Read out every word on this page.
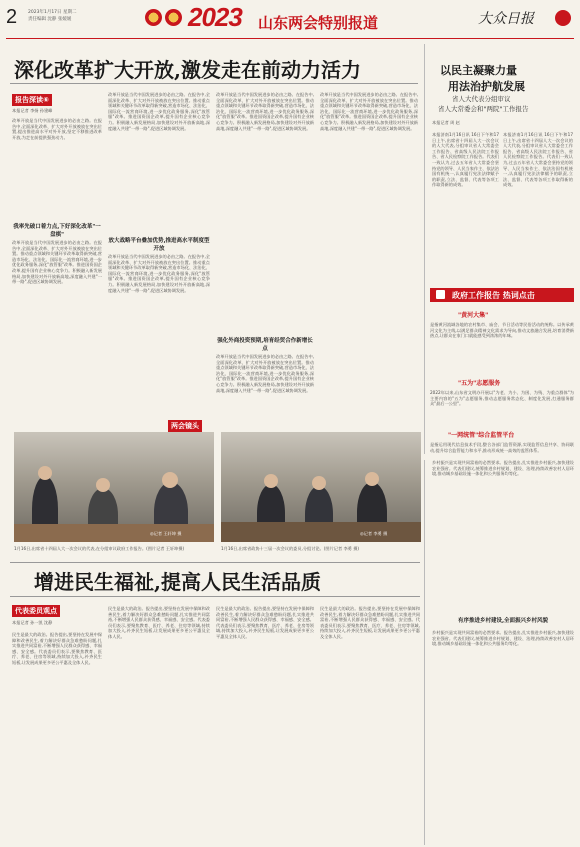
2 2023年1月17日 星期二
责任编辑 沈静 张媛媛	2023 山东两会特别报道	大众日报
深化改革扩大开放,激发走在前动力活力
报告深读⑥
本报记者 李扬 孙建峰
改革开放是当代中国发展进步的必由之路。在报告中,全面深化改革、扩大对外开放被放在突出位置,提出推进高水平对外开放,坚定不移推进改革开放,为走在前提供强劲动力。
我率先破口着力点,下好深化改革"一盘棋"
改革开放是当代中国发展进步的必由之路。在报告中,全面深化改革、扩大对外开放被放在突出位置。推动重点领域和关键环节改革取得新突破,营造市场化、法治化、国际化一流营商环境,进一步优化政务服务,深化"放管服"改革。推进国资国企改革,提升国有企业核心竞争力。积极融入新发展格局,加快建设对外开放新高地,深度融入共建"一带一路",促进区域协调发展。
改革开放是当代中国发展进步的必由之路。在报告中,全面深化改革、扩大对外开放被放在突出位置。推动重点领域和关键环节改革取得新突破,营造市场化、法治化、国际化一流营商环境,进一步优化政务服务,深化"放管服"改革。推进国资国企改革,提升国有企业核心竞争力。积极融入新发展格局,加快建设对外开放新高地,深度融入共建"一带一路",促进区域协调发展。
放大战略平台叠加优势,推进高水平制度型开放
改革开放是当代中国发展进步的必由之路。在报告中,全面深化改革、扩大对外开放被放在突出位置。推动重点领域和关键环节改革取得新突破,营造市场化、法治化、国际化一流营商环境,进一步优化政务服务,深化"放管服"改革。推进国资国企改革,提升国有企业核心竞争力。积极融入新发展格局,加快建设对外开放新高地,深度融入共建"一带一路",促进区域协调发展。
改革开放是当代中国发展进步的必由之路。在报告中,全面深化改革、扩大对外开放被放在突出位置。推动重点领域和关键环节改革取得新突破,营造市场化、法治化、国际化一流营商环境,进一步优化政务服务,深化"放管服"改革。推进国资国企改革,提升国有企业核心竞争力。积极融入新发展格局,加快建设对外开放新高地,深度融入共建"一带一路",促进区域协调发展。
强化外商投资预期,培育经贸合作新增长点
改革开放是当代中国发展进步的必由之路。在报告中,全面深化改革、扩大对外开放被放在突出位置。推动重点领域和关键环节改革取得新突破,营造市场化、法治化、国际化一流营商环境,进一步优化政务服务,深化"放管服"改革。推进国资国企改革,提升国有企业核心竞争力。积极融入新发展格局,加快建设对外开放新高地,深度融入共建"一带一路",促进区域协调发展。
改革开放是当代中国发展进步的必由之路。在报告中,全面深化改革、扩大对外开放被放在突出位置。推动重点领域和关键环节改革取得新突破,营造市场化、法治化、国际化一流营商环境,进一步优化政务服务,深化"放管服"改革。推进国资国企改革,提升国有企业核心竞争力。积极融入新发展格局,加快建设对外开放新高地,深度融入共建"一带一路",促进区域协调发展。
以民主凝聚力量
用法治护航发展
省人大代表分组审议
省人大常委会和"两院"工作报告
本报记者 周 赵
本报济南1月16日讯 16日下午和17日上午,出席省十四届人大一次会议的人大代表,分组审议省人大常委会工作报告、省高级人民法院工作报告、省人民检察院工作报告。代表们一致认为,过去五年省人大常委会坚持党的领导、人民当家作主、依法治国有机统一,认真履行宪法法律赋予的职责,立法、监督、代表等各项工作取得新的成效。
本报济南1月16日讯 16日下午和17日上午,出席省十四届人大一次会议的人大代表,分组审议省人大常委会工作报告、省高级人民法院工作报告、省人民检察院工作报告。代表们一致认为,过去五年省人大常委会坚持党的领导、人民当家作主、依法治国有机统一,认真履行宪法法律赋予的职责,立法、监督、代表等各项工作取得新的成效。
政府工作报告 热词点击
"黄河大集"
是指黄河流域各地的农村集市、庙会、节日活动等民俗活动的统称。以传承黄河文化为主线,以满足群众精神文化需求为导向,推动文旅融合发展,培育消费新热点,让群众在家门口就能感受到浓浓的年味。
"五为"志愿服务
2022年以来,山东省文明办开展以"为老、为小、为困、为残、为重点群体"为主要内容的"五为"志愿服务,推动志愿服务常态化、制度化发展,打通服务群众"最后一公里"。
"一网统管"综合监管平台
是指运用现代信息技术手段,整合各部门监管资源,实现监管信息共享、协同联动,提升综合监管能力和水平,推动形成统一高效的监管体系。
两会镜头
1月16日,出席省十四届人大一次会议的代表,在分组审议政府工作报告。(图片记者 王轩坤摄)
◎记者 王轩坤 摄
1月16日,出席省政协十三届一次会议的委员,分组讨论。(图片记者 李勇 摄)
◎记者 李勇 摄
增进民生福祉,提高人民生活品质
代表委员观点
本报记者 孙一凯 沈静
民生是最大的政治。报告提出,要坚持在发展中保障和改善民生,着力解决好群众急难愁盼问题,扎实推进共同富裕,不断增强人民群众获得感、幸福感、安全感。代表委员们表示,要聚焦教育、医疗、养老、住房等领域,持续加大投入,补齐民生短板,让发展成果更多更公平惠及全体人民。
民生是最大的政治。报告提出,要坚持在发展中保障和改善民生,着力解决好群众急难愁盼问题,扎实推进共同富裕,不断增强人民群众获得感、幸福感、安全感。代表委员们表示,要聚焦教育、医疗、养老、住房等领域,持续加大投入,补齐民生短板,让发展成果更多更公平惠及全体人民。
民生是最大的政治。报告提出,要坚持在发展中保障和改善民生,着力解决好群众急难愁盼问题,扎实推进共同富裕,不断增强人民群众获得感、幸福感、安全感。代表委员们表示,要聚焦教育、医疗、养老、住房等领域,持续加大投入,补齐民生短板,让发展成果更多更公平惠及全体人民。
民生是最大的政治。报告提出,要坚持在发展中保障和改善民生,着力解决好群众急难愁盼问题,扎实推进共同富裕,不断增强人民群众获得感、幸福感、安全感。代表委员们表示,要聚焦教育、医疗、养老、住房等领域,持续加大投入,补齐民生短板,让发展成果更多更公平惠及全体人民。
乡村振兴是实现共同富裕的必然要求。报告提出,扎实推进乡村振兴,加快建设农业强省。代表们建议,统筹推进乡村规划、建设、治理,持续改善农村人居环境,推动城乡基础设施一体化和公共服务均等化。
有序推进乡村建设,全面振兴乡村风貌
乡村振兴是实现共同富裕的必然要求。报告提出,扎实推进乡村振兴,加快建设农业强省。代表们建议,统筹推进乡村规划、建设、治理,持续改善农村人居环境,推动城乡基础设施一体化和公共服务均等化。
